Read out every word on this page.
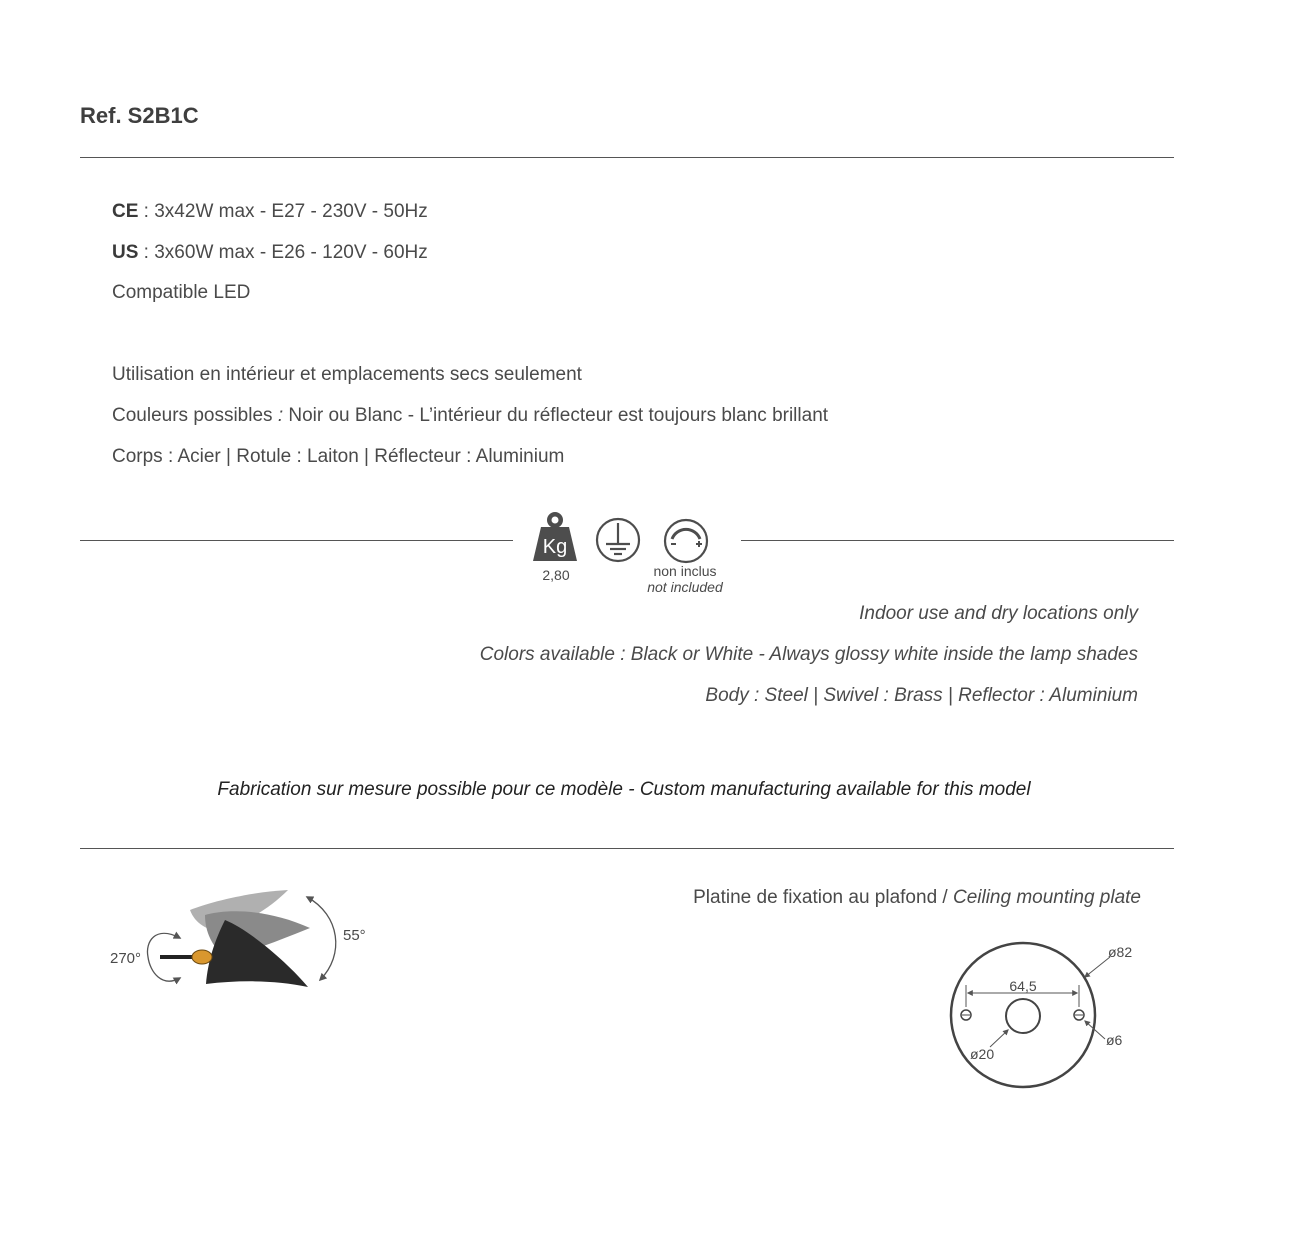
Ref. S2B1C
CE : 3x42W max - E27 - 230V - 50Hz
US : 3x60W max - E26 - 120V - 60Hz
Compatible LED
Utilisation en intérieur et emplacements secs seulement
Couleurs possibles : Noir ou Blanc - L’intérieur du réflecteur est toujours blanc brillant
Corps : Acier | Rotule : Laiton | Réflecteur : Aluminium
Kg
2,80	non inclus
not included
Indoor use and dry locations only
Colors available : Black or White - Always glossy white inside the lamp shades
Body : Steel | Swivel : Brass | Reflector : Aluminium
Fabrication sur mesure possible pour ce modèle - Custom manufacturing available for this model
270°
55°
Platine de fixation au plafond / Ceiling mounting plate
64,5
ø82
ø20
ø6
